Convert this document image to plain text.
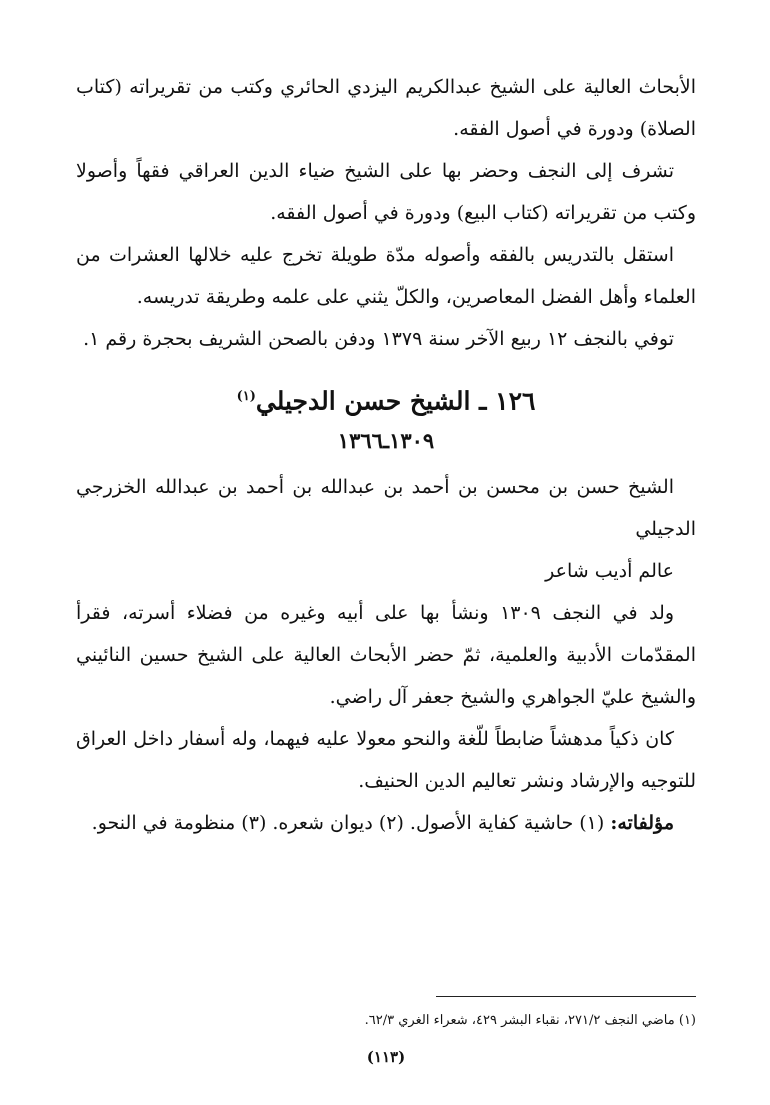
الأبحاث العالية على الشيخ عبدالكريم اليزدي الحائري وكتب من تقريراته (كتاب الصلاة) ودورة في أصول الفقه.

تشرف إلى النجف وحضر بها على الشيخ ضياء الدين العراقي فقهاً وأصولا وكتب من تقريراته (كتاب البيع) ودورة في أصول الفقه.

استقل بالتدريس بالفقه وأصوله مدّة طويلة تخرج عليه خلالها العشرات من العلماء وأهل الفضل المعاصرين، والكلّ يثني على علمه وطريقة تدريسه.

توفي بالنجف ١٢ ربيع الآخر سنة ١٣٧٩ ودفن بالصحن الشريف بحجرة رقم ١.

١٢٦ ـ الشيخ حسن الدجيلي$^{(١)}$
١٣٠٩ـ١٣٦٦

الشيخ حسن بن محسن بن أحمد بن عبدالله بن أحمد بن عبدالله الخزرجي الدجيلي

عالم أديب شاعر

ولد في النجف ١٣٠٩ ونشأ بها على أبيه وغيره من فضلاء أسرته، فقرأ المقدّمات الأدبية والعلمية، ثمّ حضر الأبحاث العالية على الشيخ حسين النائيني والشيخ عليّ الجواهري والشيخ جعفر آل راضي.

كان ذكياً مدهشاً ضابطاً للّغة والنحو معولا عليه فيهما، وله أسفار داخل العراق للتوجيه والإرشاد ونشر تعاليم الدين الحنيف.

مؤلفاته: (١) حاشية كفاية الأصول. (٢) ديوان شعره. (٣) منظومة في النحو.

(١) ماضي النجف ٢٧١/٢، نقباء البشر ٤٢٩، شعراء الغري ٦٢/٣.
(١١٣)
